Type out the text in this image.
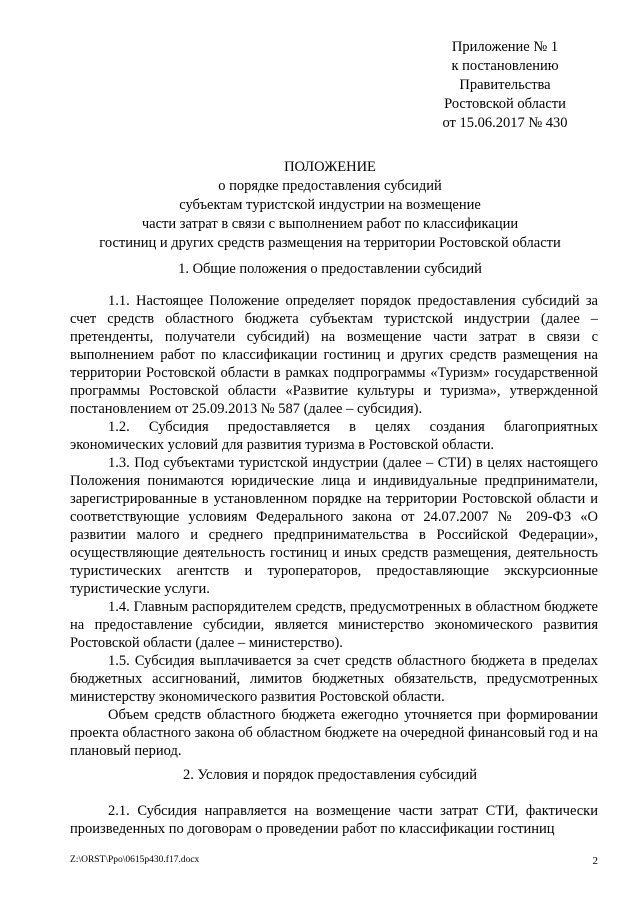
Приложение № 1
к постановлению
Правительства
Ростовской области
от 15.06.2017 № 430
ПОЛОЖЕНИЕ
о порядке предоставления субсидий
субъектам туристской индустрии на возмещение
части затрат в связи с выполнением работ по классификации
гостиниц и других средств размещения на территории Ростовской области
1. Общие положения о предоставлении субсидий

1.1. Настоящее Положение определяет порядок предоставления субсидий за счет средств областного бюджета субъектам туристской индустрии (далее – претенденты, получатели субсидий) на возмещение части затрат в связи с выполнением работ по классификации гостиниц и других средств размещения на территории Ростовской области в рамках подпрограммы «Туризм» государственной программы Ростовской области «Развитие культуры и туризма», утвержденной постановлением от 25.09.2013 № 587 (далее – субсидия).

1.2. Субсидия предоставляется в целях создания благоприятных экономических условий для развития туризма в Ростовской области.

1.3. Под субъектами туристской индустрии (далее – СТИ) в целях настоящего Положения понимаются юридические лица и индивидуальные предприниматели, зарегистрированные в установленном порядке на территории Ростовской области и соответствующие условиям Федерального закона от 24.07.2007 № 209-ФЗ «О развитии малого и среднего предпринимательства в Российской Федерации», осуществляющие деятельность гостиниц и иных средств размещения, деятельность туристических агентств и туроператоров, предоставляющие экскурсионные туристические услуги.

1.4. Главным распорядителем средств, предусмотренных в областном бюджете на предоставление субсидии, является министерство экономического развития Ростовской области (далее – министерство).

1.5. Субсидия выплачивается за счет средств областного бюджета в пределах бюджетных ассигнований, лимитов бюджетных обязательств, предусмотренных министерству экономического развития Ростовской области.

Объем средств областного бюджета ежегодно уточняется при формировании проекта областного закона об областном бюджете на очередной финансовый год и на плановый период.

2. Условия и порядок предоставления субсидий

2.1. Субсидия направляется на возмещение части затрат СТИ, фактически произведенных по договорам о проведении работ по классификации гостиниц

Z:\ORST\Ppo\0615p430.f17.docx	2
